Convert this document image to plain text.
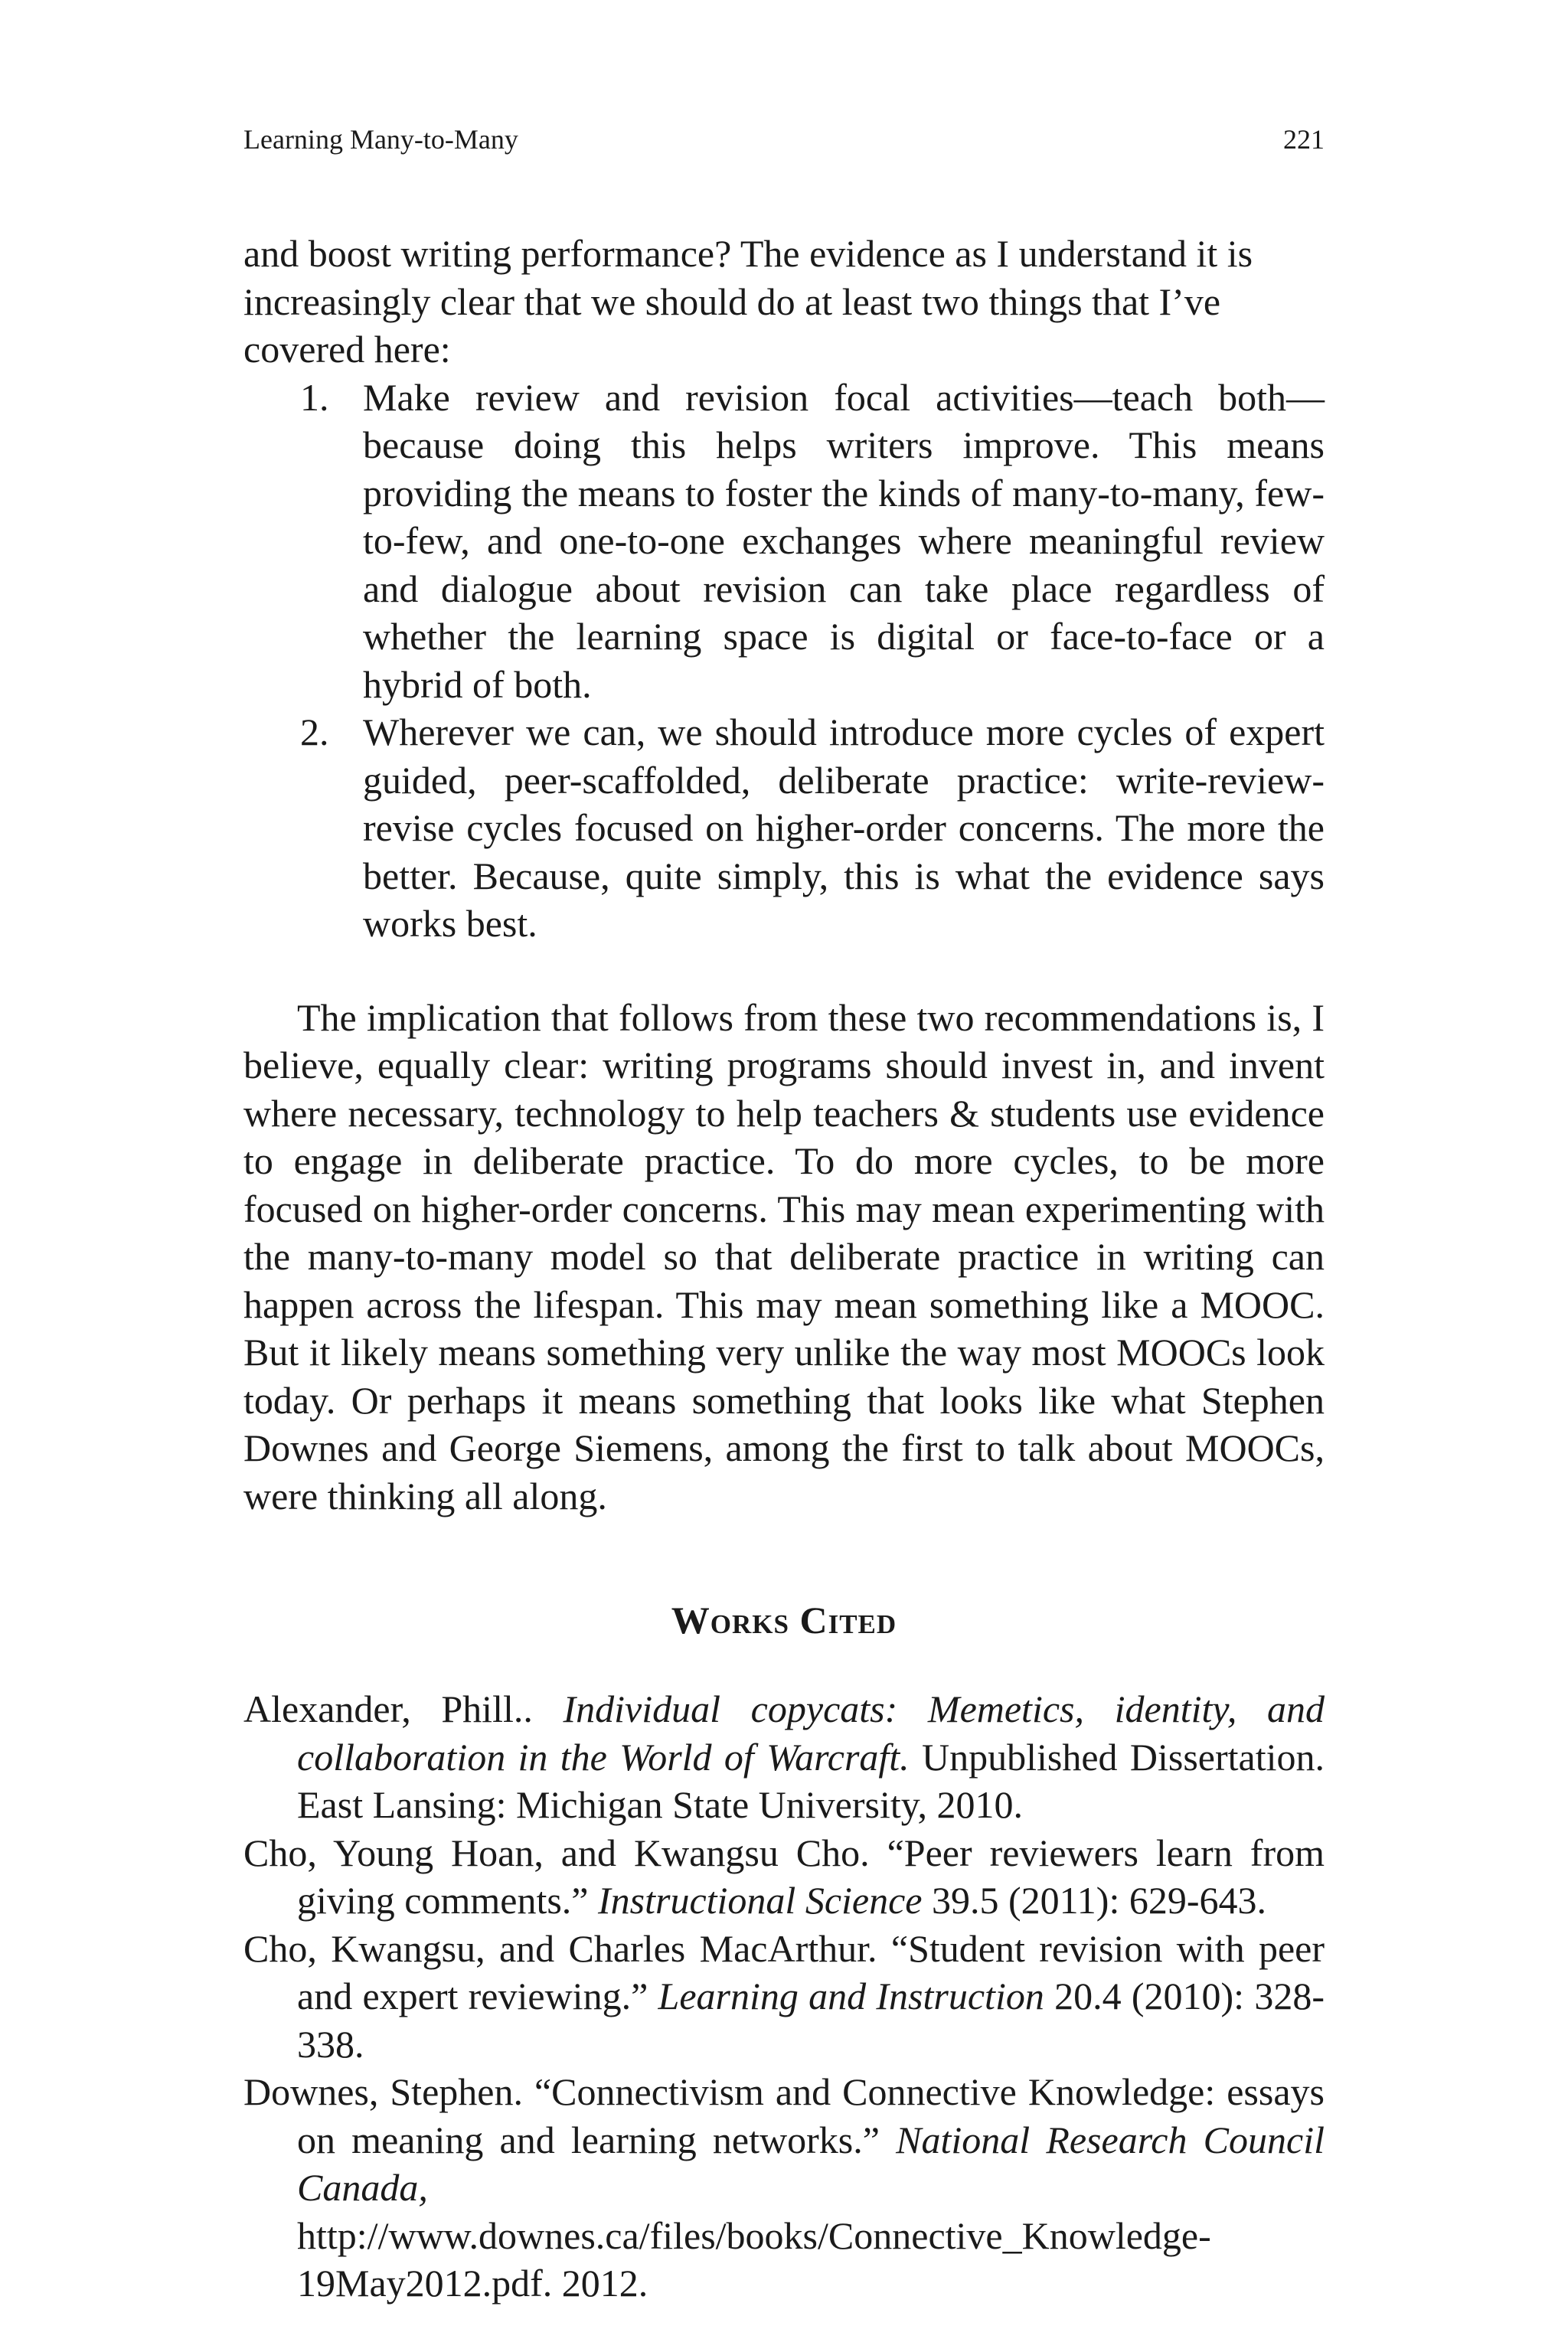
Learning Many-to-Many	221

and boost writing performance? The evidence as I understand it is increasingly clear that we should do at least two things that I’ve covered here:

1. Make review and revision focal activities—teach both—because doing this helps writers improve. This means providing the means to foster the kinds of many-to-many, few-to-few, and one-to-one exchanges where meaningful review and dialogue about revision can take place regardless of whether the learning space is digital or face-to-face or a hybrid of both.
2. Wherever we can, we should introduce more cycles of expert guided, peer-scaffolded, deliberate practice: write-review-revise cycles focused on higher-order concerns. The more the better. Because, quite simply, this is what the evidence says works best.

The implication that follows from these two recommendations is, I believe, equally clear: writing programs should invest in, and invent where necessary, technology to help teachers & students use evidence to engage in deliberate practice. To do more cycles, to be more focused on higher-order concerns. This may mean experimenting with the many-to-many model so that deliberate practice in writing can happen across the lifespan. This may mean something like a MOOC. But it likely means something very unlike the way most MOOCs look today. Or perhaps it means something that looks like what Stephen Downes and George Siemens, among the first to talk about MOOCs, were thinking all along.

Works Cited
Alexander, Phill.. Individual copycats: Memetics, identity, and collaboration in the World of Warcraft. Unpublished Dissertation. East Lansing: Michigan State University, 2010.
Cho, Young Hoan, and Kwangsu Cho. “Peer reviewers learn from giving comments.” Instructional Science 39.5 (2011): 629-643.
Cho, Kwangsu, and Charles MacArthur. “Student revision with peer and expert reviewing.” Learning and Instruction 20.4 (2010): 328-338.
Downes, Stephen. “Connectivism and Connective Knowledge: essays on meaning and learning networks.” National Research Council Canada, http://www.downes.ca/files/books/Connective_Knowledge-19May2012.pdf. 2012.
